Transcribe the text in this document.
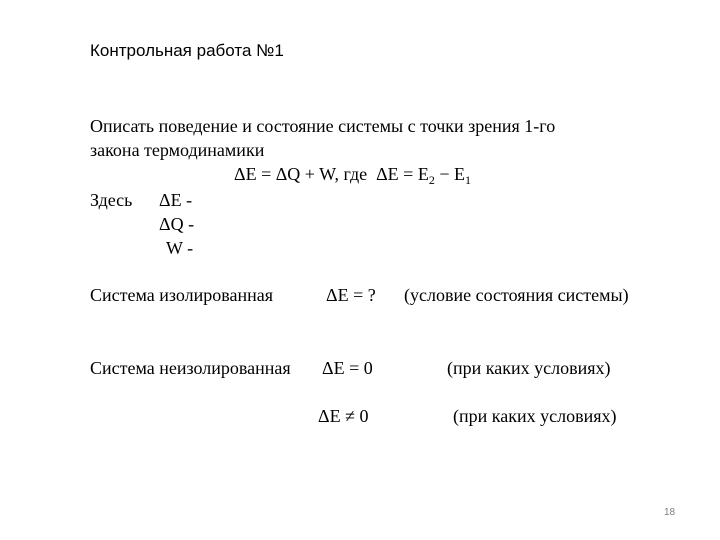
Контрольная работа №1
Описать поведение и состояние системы с точки зрения 1-го
закона термодинамики
ΔE = ΔQ + W, где $\Delta E = E_2 - E_1$
Здесь ΔE -
ΔQ -
W -
Система изолированная	ΔE = ? (условие состояния системы)
Система неизолированная ΔE = 0	(при каких условиях)
ΔE ≠ 0	(при каких условиях)
18
